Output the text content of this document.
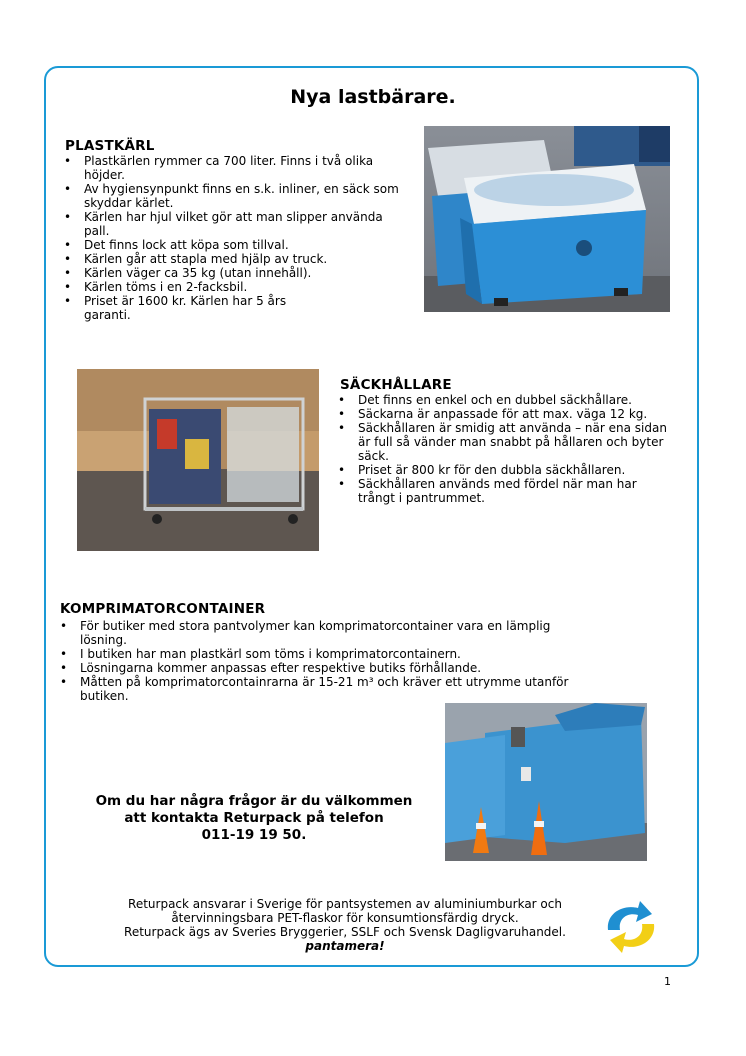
Nya lastbärare.
PLASTKÄRL
• Plastkärlen rymmer ca 700 liter. Finns i två olika höjder.
• Av hygiensynpunkt finns en s.k. inliner, en säck som skyddar kärlet.
• Kärlen har hjul vilket gör att man slipper använda pall.
• Det finns lock att köpa som tillval.
• Kärlen går att stapla med hjälp av truck.
• Kärlen väger ca 35 kg (utan innehåll).
• Kärlen töms i en 2-facksbil.
• Priset är 1600 kr. Kärlen har 5 års garanti.
SÄCKHÅLLARE
• Det finns en enkel och en dubbel säckhållare.
• Säckarna är anpassade för att max. väga 12 kg.
• Säckhållaren är smidig att använda – när ena sidan är full så vänder man snabbt på hållaren och byter säck.
• Priset är 800 kr för den dubbla säckhållaren.
• Säckhållaren används med fördel när man har trångt i pantrummet.
KOMPRIMATORCONTAINER
• För butiker med stora pantvolymer kan komprimatorcontainer vara en lämplig lösning.
• I butiken har man plastkärl som töms i komprimatorcontainern.
• Lösningarna kommer anpassas efter respektive butiks förhållande.
• Måtten på komprimatorcontainrarna är 15-21 m³ och kräver ett utrymme utanför butiken.
Om du har några frågor är du välkommen
att kontakta Returpack på telefon
011-19 19 50.
Returpack ansvarar i Sverige för pantsystemen av aluminiumburkar och
återvinningsbara PET-flaskor för konsumtionsfärdig dryck.
Returpack ägs av Sveries Bryggerier, SSLF och Svensk Dagligvaruhandel.
pantamera!
1
